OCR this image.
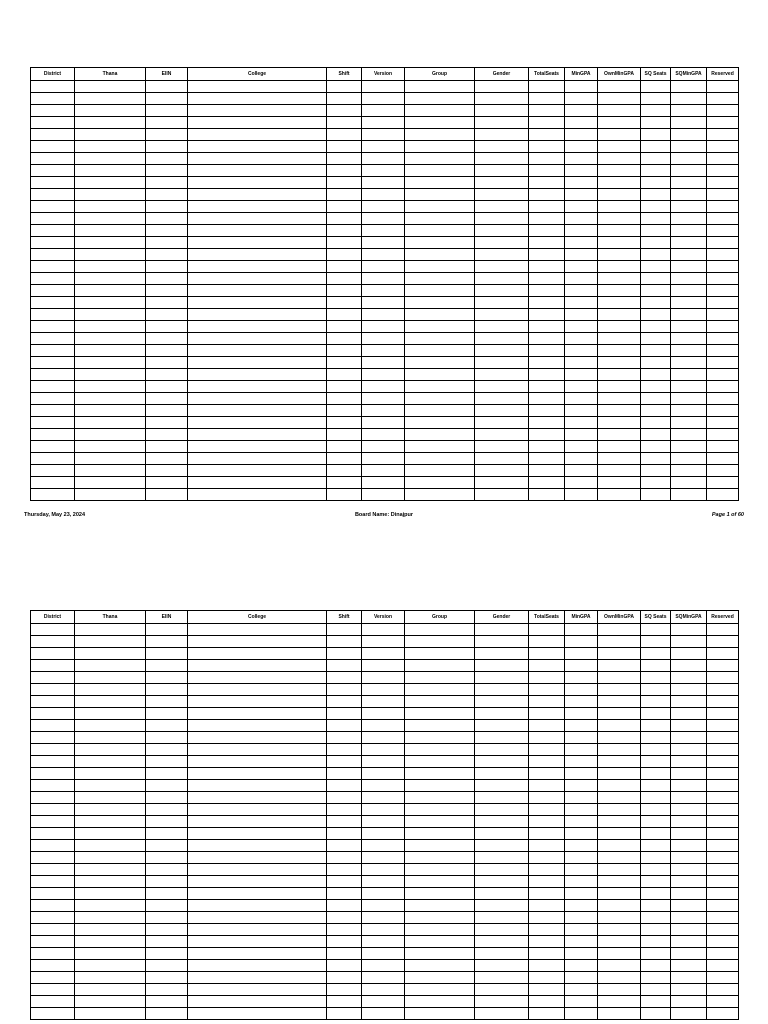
District	Thana	EIIN	College	Shift	Version	Group	Gender	TotalSeats	MinGPA	OwnMinGPA	SQ Seats	SQMinGPA	Reserved

Thursday, May 23, 2024	Board Name: Dinajpur	Page 1 of 60
District	Thana	EIIN	College	Shift	Version	Group	Gender	TotalSeats	MinGPA	OwnMinGPA	SQ Seats	SQMinGPA	Reserved
